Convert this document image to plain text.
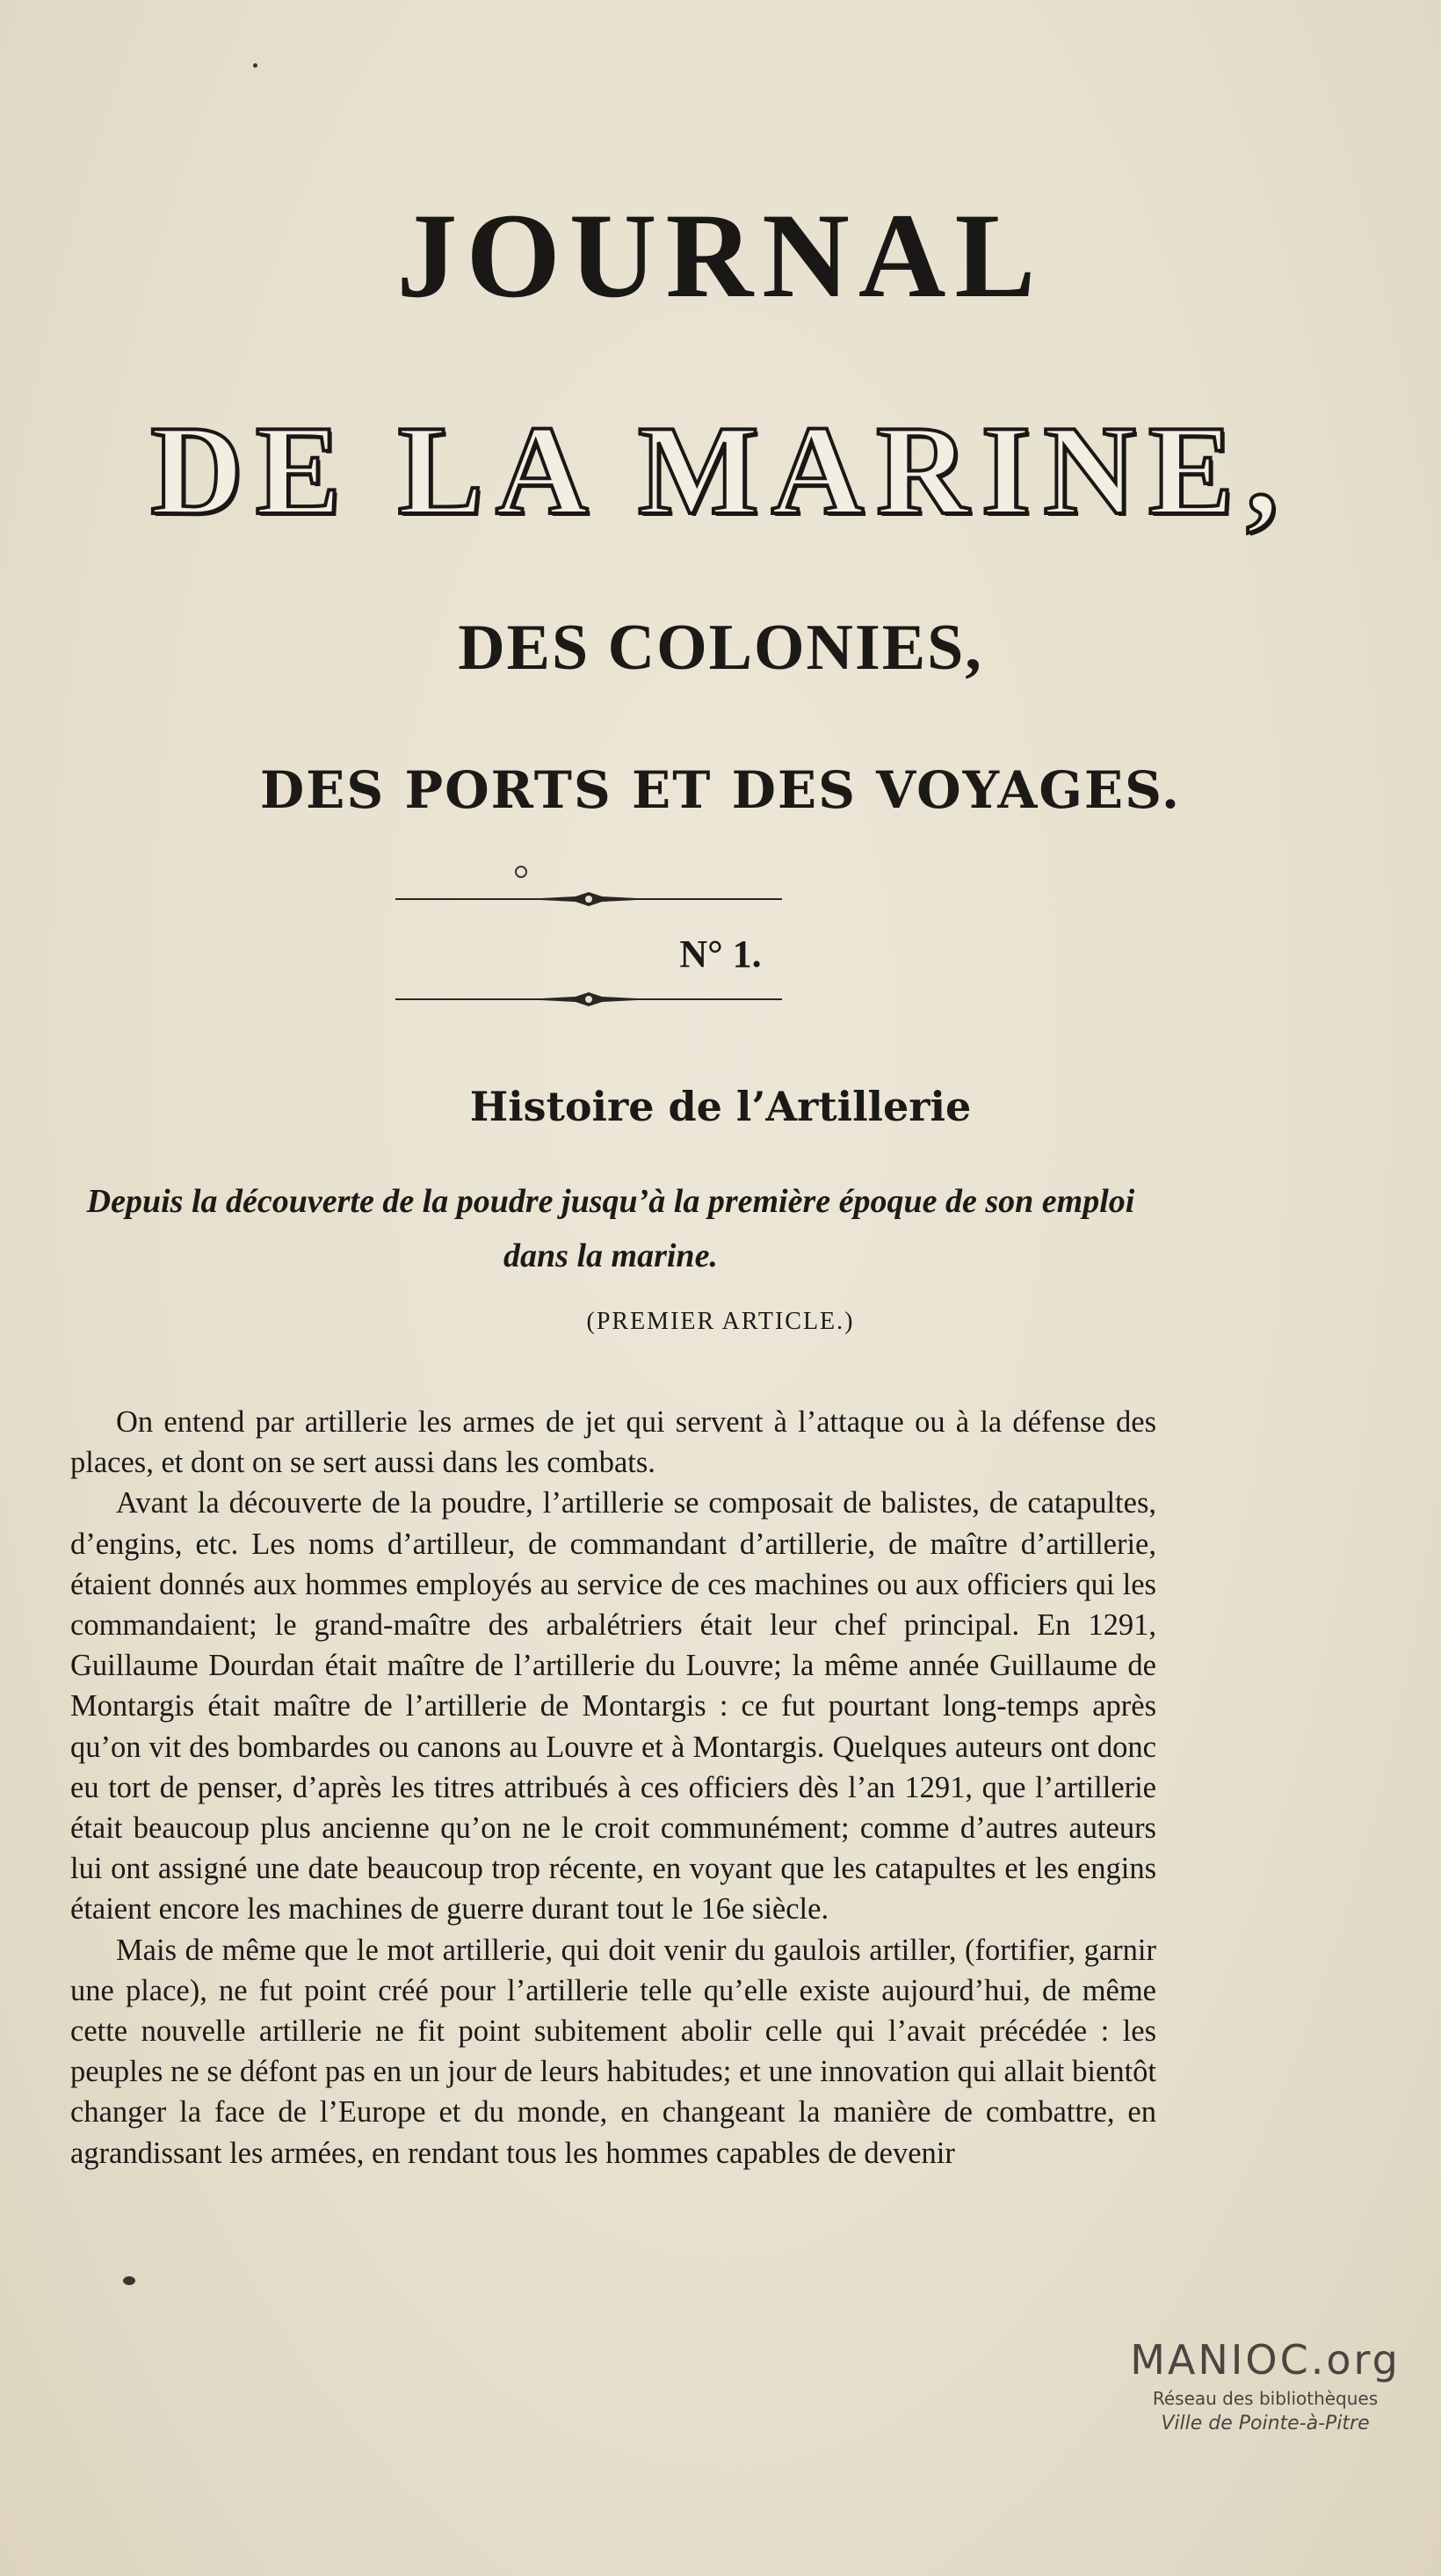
JOURNAL
DE LA MARINE,
DES COLONIES,
DES PORTS ET DES VOYAGES.
N° 1.
Histoire de l’Artillerie
Depuis la découverte de la poudre jusqu’à la première époque de son emploi dans la marine.
(PREMIER ARTICLE.)

On entend par artillerie les armes de jet qui servent à l’attaque ou à la défense des places, et dont on se sert aussi dans les combats.

Avant la découverte de la poudre, l’artillerie se composait de balistes, de catapultes, d’engins, etc. Les noms d’artilleur, de commandant d’artillerie, de maître d’artillerie, étaient donnés aux hommes employés au service de ces machines ou aux officiers qui les commandaient; le grand-maître des arbalétriers était leur chef principal. En 1291, Guillaume Dourdan était maître de l’artillerie du Louvre; la même année Guillaume de Montargis était maître de l’artillerie de Montargis : ce fut pourtant long-temps après qu’on vit des bombardes ou canons au Louvre et à Montargis. Quelques auteurs ont donc eu tort de penser, d’après les titres attribués à ces officiers dès l’an 1291, que l’artillerie était beaucoup plus ancienne qu’on ne le croit communément; comme d’autres auteurs lui ont assigné une date beaucoup trop récente, en voyant que les catapultes et les engins étaient encore les machines de guerre durant tout le 16e siècle.

Mais de même que le mot artillerie, qui doit venir du gaulois artiller, (fortifier, garnir une place), ne fut point créé pour l’artillerie telle qu’elle existe aujourd’hui, de même cette nouvelle artillerie ne fit point subitement abolir celle qui l’avait précédée : les peuples ne se défont pas en un jour de leurs habitudes; et une innovation qui allait bientôt changer la face de l’Europe et du monde, en changeant la manière de combattre, en agrandissant les armées, en rendant tous les hommes capables de devenir

MANIOC.org
Réseau des bibliothèques
Ville de Pointe-à-Pitre
